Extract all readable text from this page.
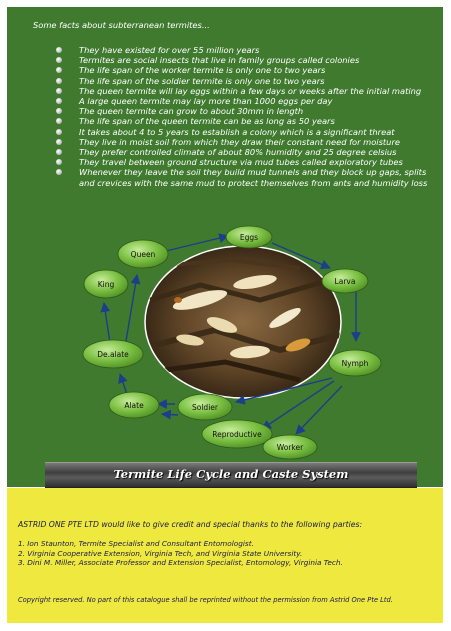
Some facts about subterranean termites...
They have existed for over 55 million years
Termites are social insects that live in family groups called colonies
The life span of the worker termite is only one to two years
The life span of the soldier termite is only one to two years
The queen termite will lay eggs within a few days or weeks after the initial mating
A large queen termite may lay more than 1000 eggs per day
The queen termite can grow to about 30mm in length
The life span of the queen termite can be as long as 50 years
It takes about 4 to 5 years to establish a colony which is a significant threat
They live in moist soil from which they draw their constant need for moisture
They prefer controlled climate of about 80% humidity and 25 degree celsius
They travel between ground structure via mud tubes called exploratory tubes
Whenever they leave the soil they build mud tunnels and they block up gaps, splits and crevices with the same mud to protect themselves from ants and humidity loss
Eggs
Larva
Nymph
Queen
King
De.alate
Alate	Soldier
Reproductive
Worker
Termite Life Cycle and Caste System
ASTRID ONE PTE LTD would like to give credit and special thanks to the following parties:
1. Ion Staunton, Termite Specialist and Consultant Entomologist.
2. Virginia Cooperative Extension, Virginia Tech, and Virginia State University.
3. Dini M. Miller, Associate Professor and Extension Specialist, Entomology, Virginia Tech.
Copyright reserved. No part of this catalogue shall be reprinted without the permission from Astrid One Pte Ltd.
